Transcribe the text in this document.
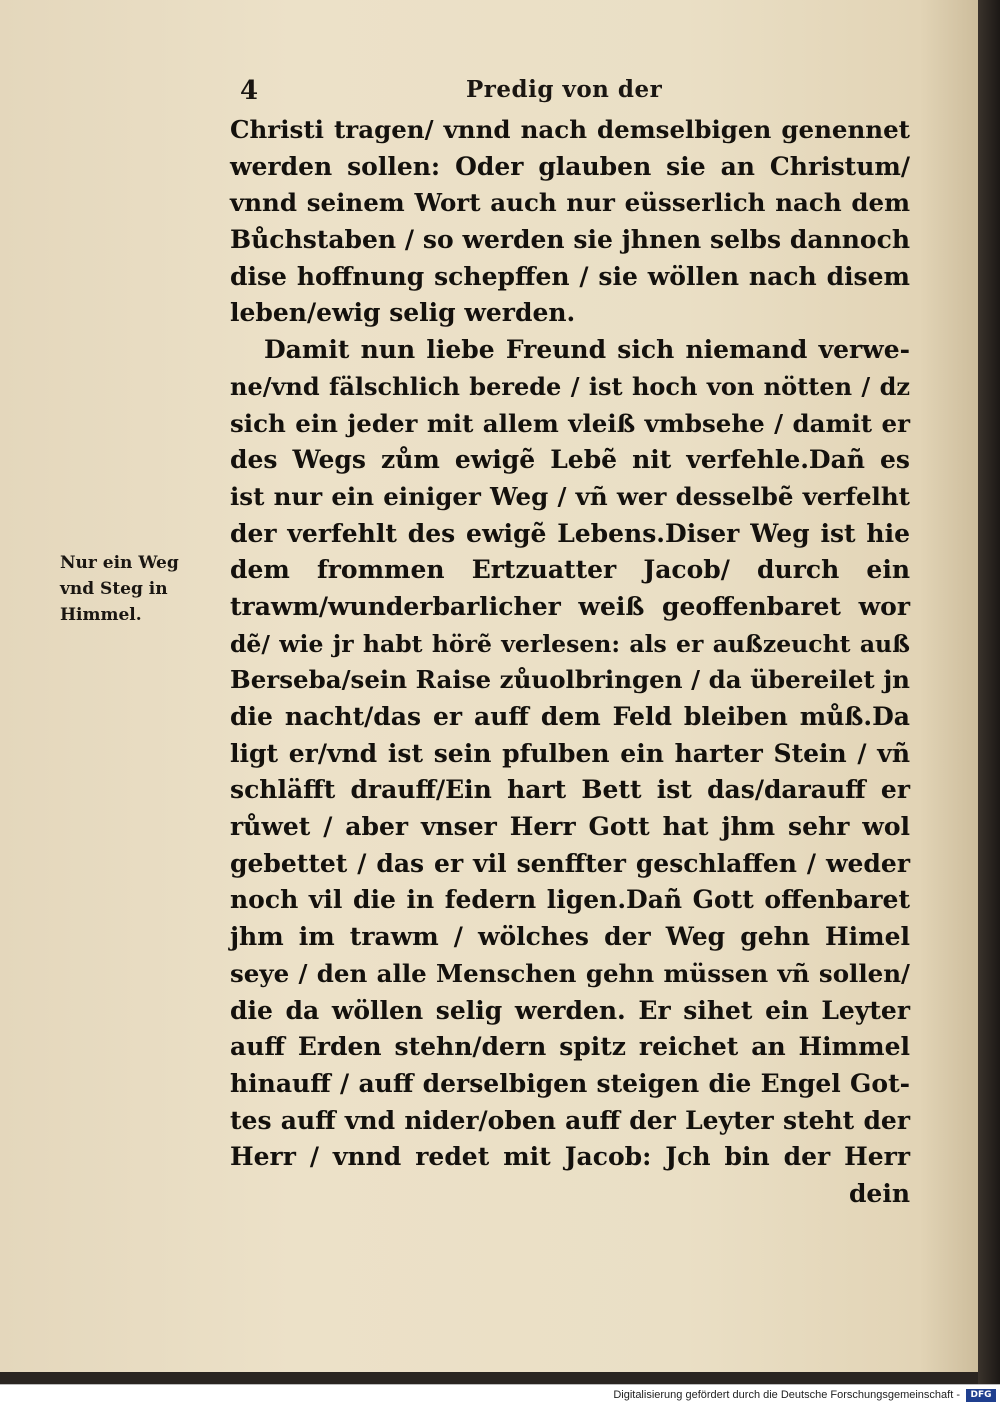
4	Predig von der
Nur ein Weg
vnd Steg in
Himmel.
Christi tragen/ vnnd nach demselbigen genennet
werden sollen: Oder glauben sie an Christum/
vnnd seinem Wort auch nur eüsserlich nach dem
Bůchstaben / so werden sie jhnen selbs dannoch
dise hoffnung schepffen / sie wöllen nach disem
leben/ewig selig werden.
Damit nun liebe Freund sich niemand verwe-
ne/vnd fälschlich berede / ist hoch von nötten / dz
sich ein jeder mit allem vleiß vmbsehe / damit er
des Wegs zům ewigẽ Lebẽ nit verfehle.Dañ es
ist nur ein einiger Weg / vñ wer desselbẽ verfelht
der verfehlt des ewigẽ Lebens.Diser Weg ist hie
dem frommen Ertzuatter Jacob/ durch ein
trawm/wunderbarlicher weiß geoffenbaret wor
dẽ/ wie jr habt hörẽ verlesen: als er außzeucht auß
Berseba/sein Raise zůuolbringen / da übereilet jn
die nacht/das er auff dem Feld bleiben můß.Da
ligt er/vnd ist sein pfulben ein harter Stein / vñ
schläfft drauff/Ein hart Bett ist das/darauff er
růwet / aber vnser Herr Gott hat jhm sehr wol
gebettet / das er vil senffter geschlaffen / weder
noch vil die in federn ligen.Dañ Gott offenbaret
jhm im trawm / wölches der Weg gehn Himel
seye / den alle Menschen gehn müssen vñ sollen/
die da wöllen selig werden. Er sihet ein Leyter
auff Erden stehn/dern spitz reichet an Himmel
hinauff / auff derselbigen steigen die Engel Got-
tes auff vnd nider/oben auff der Leyter steht der
Herr / vnnd redet mit Jacob: Jch bin der Herr
dein
Digitalisierung gefördert durch die Deutsche Forschungsgemeinschaft -	DFG
